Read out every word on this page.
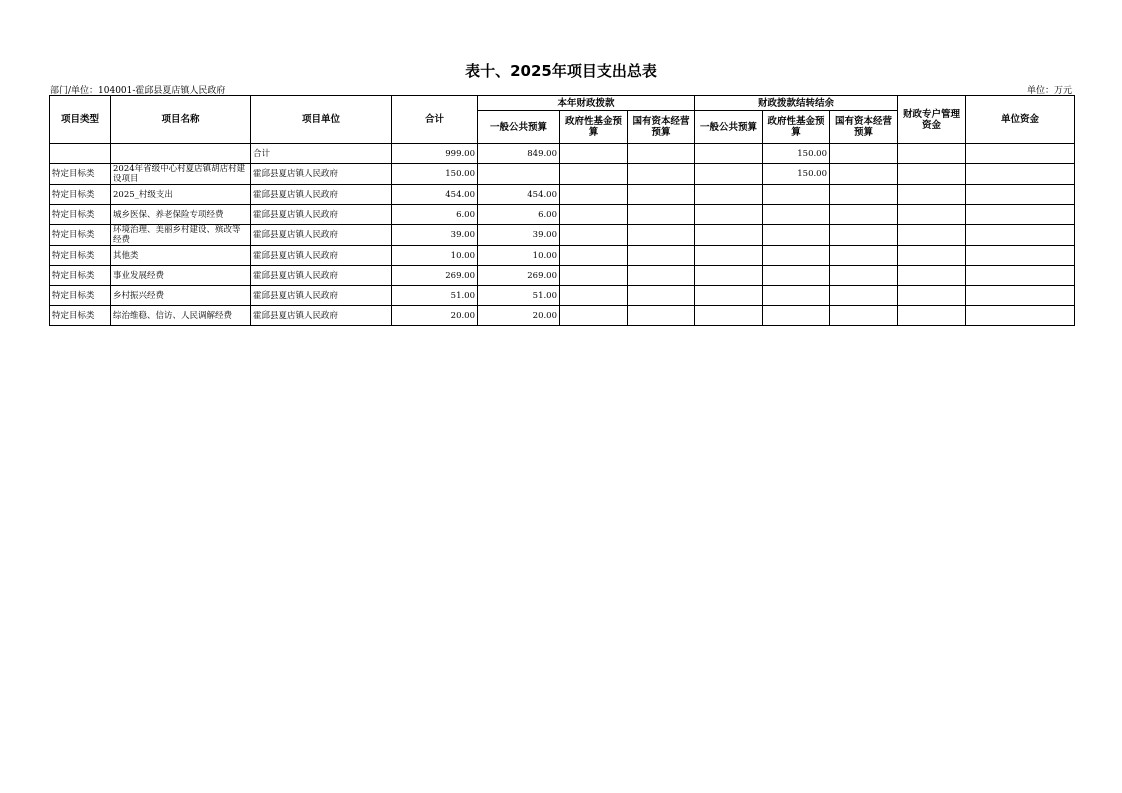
表十、2025年项目支出总表
部门/单位：104001-霍邱县夏店镇人民政府	单位：万元
项目类型	项目名称	项目单位	合计	本年财政拨款			财政拨款结转结余			财政专户管理资金	单位资金
				一般公共预算	政府性基金预算	国有资本经营预算	一般公共预算	政府性基金预算	国有资本经营预算		
		合计	999.00	849.00				150.00			
特定目标类	2024年省级中心村夏店镇胡店村建设项目	霍邱县夏店镇人民政府	150.00					150.00			
特定目标类	2025_村级支出	霍邱县夏店镇人民政府	454.00	454.00							
特定目标类	城乡医保、养老保险专项经费	霍邱县夏店镇人民政府	6.00	6.00							
特定目标类	环境治理、美丽乡村建设、殡改等经费	霍邱县夏店镇人民政府	39.00	39.00							
特定目标类	其他类	霍邱县夏店镇人民政府	10.00	10.00							
特定目标类	事业发展经费	霍邱县夏店镇人民政府	269.00	269.00							
特定目标类	乡村振兴经费	霍邱县夏店镇人民政府	51.00	51.00							
特定目标类	综治维稳、信访、人民调解经费	霍邱县夏店镇人民政府	20.00	20.00							
